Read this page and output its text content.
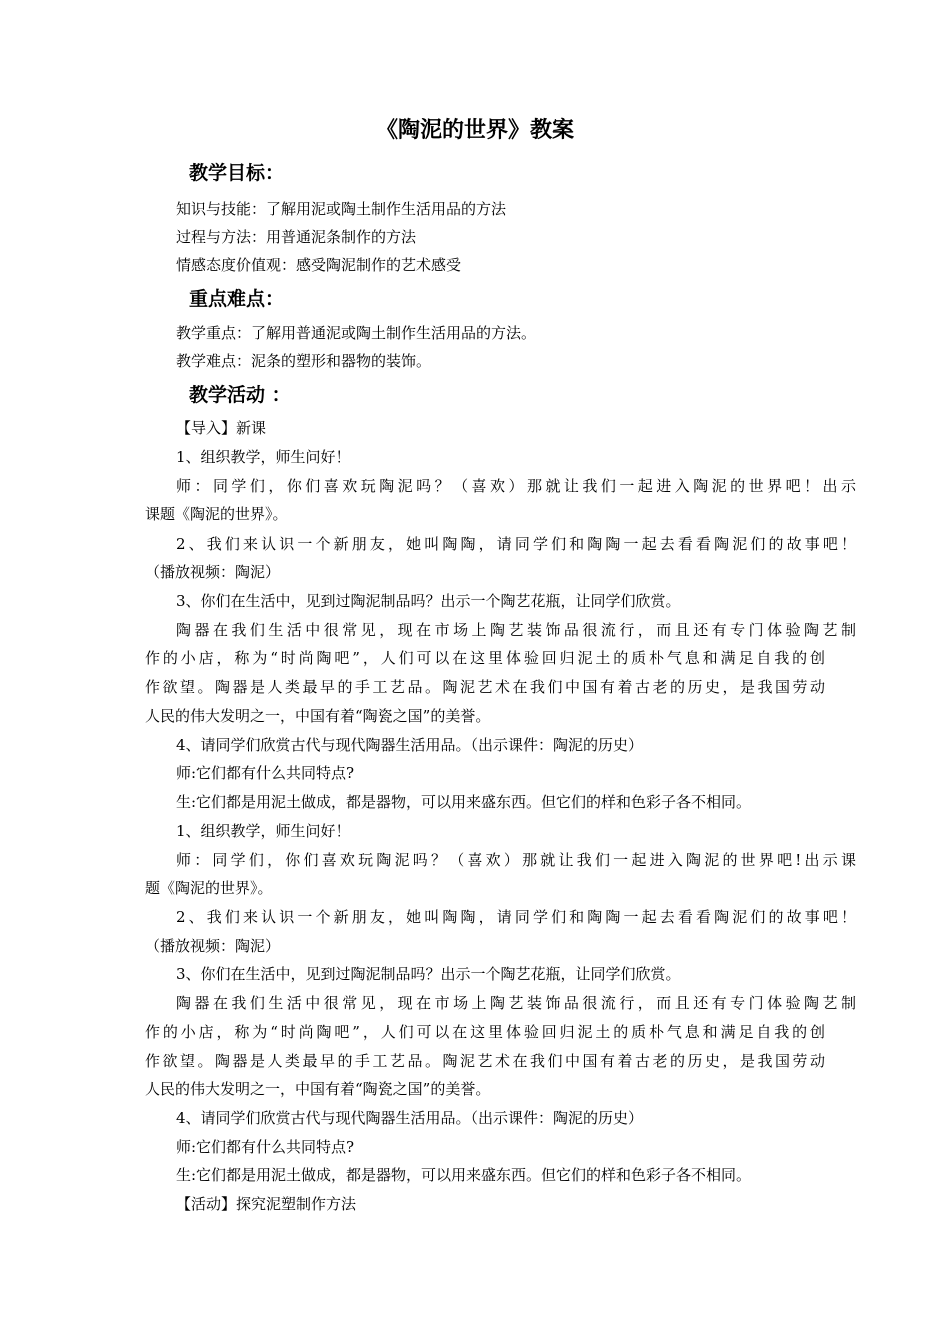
《陶泥的世界》教案
教学目标：
知识与技能：了解用泥或陶土制作生活用品的方法
过程与方法：用普通泥条制作的方法
情感态度价值观：感受陶泥制作的艺术感受
重点难点：
教学重点：了解用普通泥或陶土制作生活用品的方法。
教学难点：泥条的塑形和器物的装饰。
教学活动 ：
【导入】新课
1、组织教学，师生问好！
师：同学们，你们喜欢玩陶泥吗？（喜欢）那就让我们一起进入陶泥的世界吧！出示
课题《陶泥的世界》。
2、我们来认识一个新朋友，她叫陶陶，请同学们和陶陶一起去看看陶泥们的故事吧！
（播放视频：陶泥）
3、你们在生活中，见到过陶泥制品吗？出示一个陶艺花瓶，让同学们欣赏。
陶器在我们生活中很常见，现在市场上陶艺装饰品很流行，而且还有专门体验陶艺制
作的小店，称为“时尚陶吧”，人们可以在这里体验回归泥土的质朴气息和满足自我的创
作欲望。陶器是人类最早的手工艺品。陶泥艺术在我们中国有着古老的历史，是我国劳动
人民的伟大发明之一，中国有着“陶瓷之国”的美誉。
4、请同学们欣赏古代与现代陶器生活用品。（出示课件：陶泥的历史）
师:它们都有什么共同特点?
生:它们都是用泥土做成，都是器物，可以用来盛东西。但它们的样和色彩子各不相同。
1、组织教学，师生问好！
师：同学们，你们喜欢玩陶泥吗？（喜欢）那就让我们一起进入陶泥的世界吧!出示课
题《陶泥的世界》。
2、我们来认识一个新朋友，她叫陶陶，请同学们和陶陶一起去看看陶泥们的故事吧！
（播放视频：陶泥）
3、你们在生活中，见到过陶泥制品吗？出示一个陶艺花瓶，让同学们欣赏。
陶器在我们生活中很常见，现在市场上陶艺装饰品很流行，而且还有专门体验陶艺制
作的小店，称为“时尚陶吧”，人们可以在这里体验回归泥土的质朴气息和满足自我的创
作欲望。陶器是人类最早的手工艺品。陶泥艺术在我们中国有着古老的历史，是我国劳动
人民的伟大发明之一，中国有着“陶瓷之国”的美誉。
4、请同学们欣赏古代与现代陶器生活用品。（出示课件：陶泥的历史）
师:它们都有什么共同特点?
生:它们都是用泥土做成，都是器物，可以用来盛东西。但它们的样和色彩子各不相同。
【活动】探究泥塑制作方法
